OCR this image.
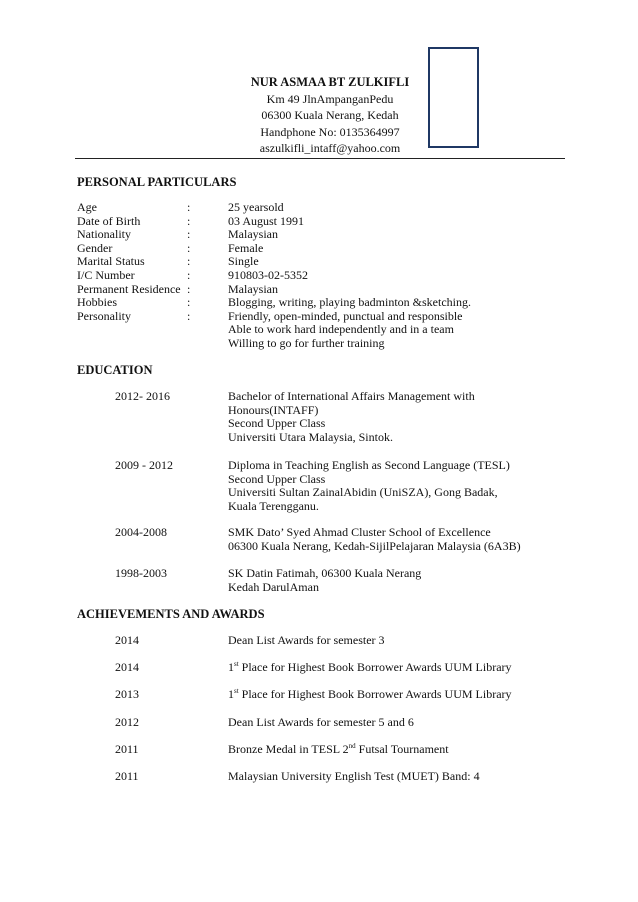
NUR ASMAA BT ZULKIFLI
Km 49 JlnAmpanganPedu
06300 Kuala Nerang, Kedah
Handphone No: 0135364997
aszulkifli_intaff@yahoo.com
PERSONAL PARTICULARS
Age	:	25 yearsold
Date of Birth	:	03 August 1991
Nationality	:	Malaysian
Gender	:	Female
Marital Status	:	Single
I/C Number	:	910803-02-5352
Permanent Residence :	Malaysian
Hobbies	:	Blogging, writing, playing badminton &sketching.
Personality	:	Friendly, open-minded, punctual and responsible
Able to work hard independently and in a team
Willing to go for further training
EDUCATION
2012- 2016	Bachelor of International Affairs Management with
Honours(INTAFF)
Second Upper Class
Universiti Utara Malaysia, Sintok.
2009 - 2012	Diploma in Teaching English as Second Language (TESL)
Second Upper Class
Universiti Sultan ZainalAbidin (UniSZA), Gong Badak,
Kuala Terengganu.
2004-2008	SMK Dato’ Syed Ahmad Cluster School of Excellence
06300 Kuala Nerang, Kedah-SijilPelajaran Malaysia (6A3B)
1998-2003	SK Datin Fatimah, 06300 Kuala Nerang
Kedah DarulAman
ACHIEVEMENTS AND AWARDS
2014	Dean List Awards for semester 3
2014	1st Place for Highest Book Borrower Awards UUM Library
2013	1st Place for Highest Book Borrower Awards UUM Library
2012	Dean List Awards for semester 5 and 6
2011	Bronze Medal in TESL 2nd Futsal Tournament
2011	Malaysian University English Test (MUET) Band: 4
